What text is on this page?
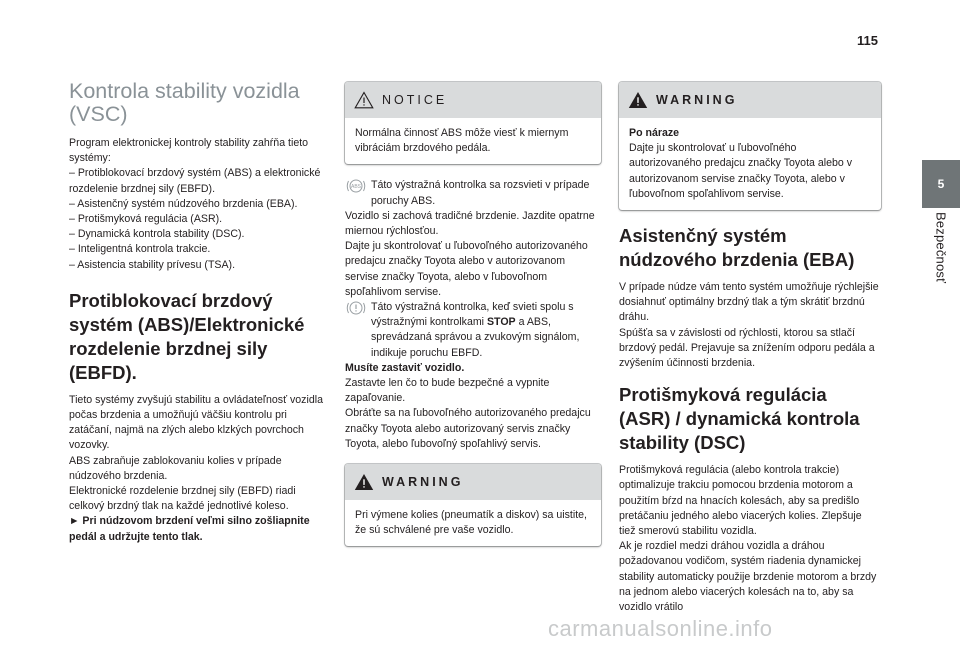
115
5
Bezpečnosť
Kontrola stability vozidla (VSC)

Program elektronickej kontroly stability zahŕňa tieto systémy:

– Protiblokovací brzdový systém (ABS) a elektronické rozdelenie brzdnej sily (EBFD).

– Asistenčný systém núdzového brzdenia (EBA).

– Protišmyková regulácia (ASR).

– Dynamická kontrola stability (DSC).

– Inteligentná kontrola trakcie.

– Asistencia stability prívesu (TSA).

Protiblokovací brzdový systém (ABS)/Elektronické rozdelenie brzdnej sily (EBFD).

Tieto systémy zvyšujú stabilitu a ovládateľnosť vozidla počas brzdenia a umožňujú väčšiu kontrolu pri zatáčaní, najmä na zlých alebo klzkých povrchoch vozovky.

ABS zabraňuje zablokovaniu kolies v prípade núdzového brzdenia.

Elektronické rozdelenie brzdnej sily (EBFD) riadi celkový brzdný tlak na každé jednotlivé koleso.

► Pri núdzovom brzdení veľmi silno zošliapnite pedál a udržujte tento tlak.

NOTICE

Normálna činnosť ABS môže viesť k miernym vibráciám brzdového pedála.

ABS Táto výstražná kontrolka sa rozsvieti v prípade poruchy ABS.

Vozidlo si zachová tradičné brzdenie. Jazdite opatrne miernou rýchlosťou.

Dajte ju skontrolovať u ľubovoľného autorizovaného predajcu značky Toyota alebo v autorizovanom servise značky Toyota, alebo v ľubovoľnom spoľahlivom servise.

Táto výstražná kontrolka, keď svieti spolu s výstražnými kontrolkami STOP a ABS, sprevádzaná správou a zvukovým signálom, indikuje poruchu EBFD.

Musíte zastaviť vozidlo.

Zastavte len čo to bude bezpečné a vypnite zapaľovanie.

Obráťte sa na ľubovoľného autorizovaného predajcu značky Toyota alebo autorizovaný servis značky Toyota, alebo ľubovoľný spoľahlivý servis.

WARNING

Pri výmene kolies (pneumatík a diskov) sa uistite, že sú schválené pre vaše vozidlo.

WARNING

Po náraze

Dajte ju skontrolovať u ľubovoľného autorizovaného predajcu značky Toyota alebo v autorizovanom servise značky Toyota, alebo v ľubovoľnom spoľahlivom servise.

Asistenčný systém núdzového brzdenia (EBA)

V prípade núdze vám tento systém umožňuje rýchlejšie dosiahnuť optimálny brzdný tlak a tým skrátiť brzdnú dráhu.

Spúšťa sa v závislosti od rýchlosti, ktorou sa stlačí brzdový pedál. Prejavuje sa znížením odporu pedála a zvýšením účinnosti brzdenia.

Protišmyková regulácia (ASR) / dynamická kontrola stability (DSC)

Protišmyková regulácia (alebo kontrola trakcie) optimalizuje trakciu pomocou brzdenia motorom a použitím bŕzd na hnacích kolesách, aby sa predišlo pretáčaniu jedného alebo viacerých kolies. Zlepšuje tiež smerovú stabilitu vozidla.

Ak je rozdiel medzi dráhou vozidla a dráhou požadovanou vodičom, systém riadenia dynamickej stability automaticky použije brzdenie motorom a brzdy na jednom alebo viacerých kolesách na to, aby sa vozidlo vrátilo

carmanualsonline.info
